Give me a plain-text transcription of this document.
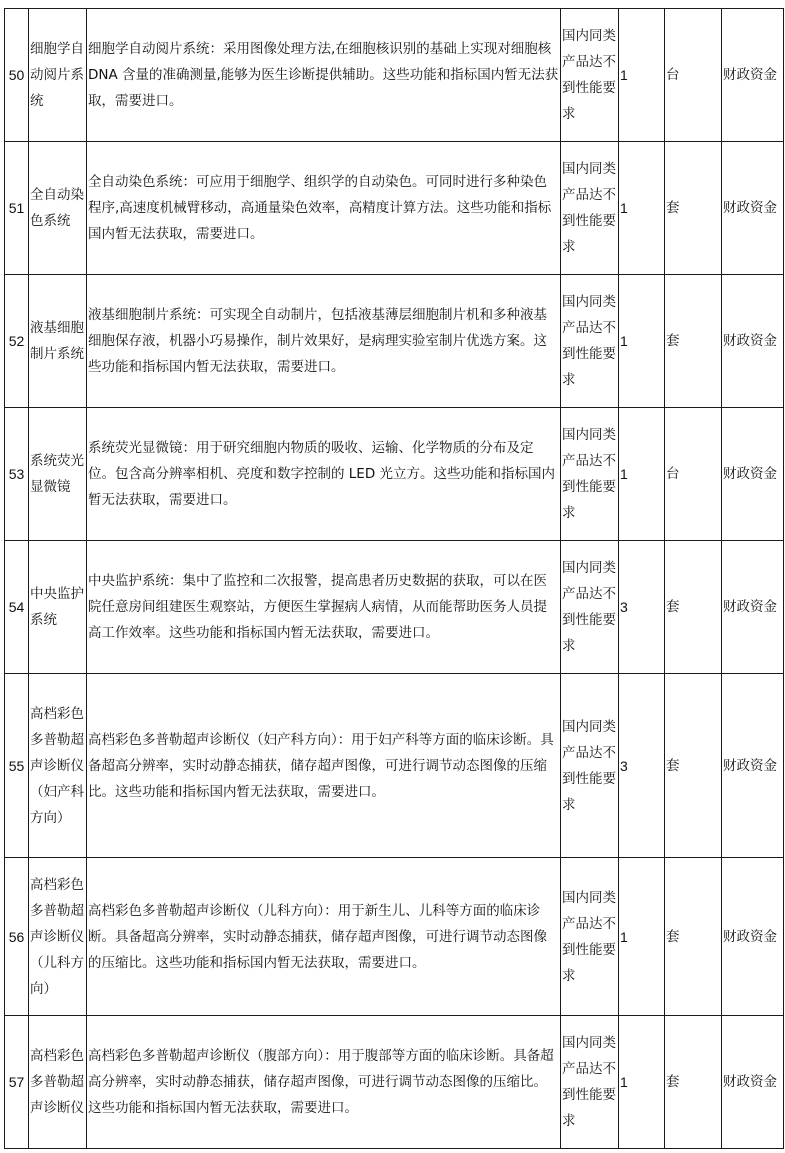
50	细胞学自动阅片系统	细胞学自动阅片系统：采用图像处理方法,在细胞核识别的基础上实现对细胞核 DNA 含量的准确测量,能够为医生诊断提供辅助。这些功能和指标国内暂无法获取，需要进口。	国内同类产品达不到性能要求	1	台	财政资金
51	全自动染色系统	全自动染色系统：可应用于细胞学、组织学的自动染色。可同时进行多种染色程序,高速度机械臂移动，高通量染色效率，高精度计算方法。这些功能和指标国内暂无法获取，需要进口。	国内同类产品达不到性能要求	1	套	财政资金
52	液基细胞制片系统	液基细胞制片系统：可实现全自动制片，包括液基薄层细胞制片机和多种液基细胞保存液，机器小巧易操作，制片效果好，是病理实验室制片优选方案。这些功能和指标国内暂无法获取，需要进口。	国内同类产品达不到性能要求	1	套	财政资金
53	系统荧光显微镜	系统荧光显微镜：用于研究细胞内物质的吸收、运输、化学物质的分布及定位。包含高分辨率相机、亮度和数字控制的 LED 光立方。这些功能和指标国内暂无法获取，需要进口。	国内同类产品达不到性能要求	1	台	财政资金
54	中央监护系统	中央监护系统：集中了监控和二次报警，提高患者历史数据的获取，可以在医院任意房间组建医生观察站，方便医生掌握病人病情，从而能帮助医务人员提高工作效率。这些功能和指标国内暂无法获取，需要进口。	国内同类产品达不到性能要求	3	套	财政资金
55	高档彩色多普勒超声诊断仪（妇产科方向）	高档彩色多普勒超声诊断仪（妇产科方向）：用于妇产科等方面的临床诊断。具备超高分辨率，实时动静态捕获，储存超声图像，可进行调节动态图像的压缩比。这些功能和指标国内暂无法获取，需要进口。	国内同类产品达不到性能要求	3	套	财政资金
56	高档彩色多普勒超声诊断仪（儿科方向）	高档彩色多普勒超声诊断仪（儿科方向）：用于新生儿、儿科等方面的临床诊断。具备超高分辨率，实时动静态捕获，储存超声图像，可进行调节动态图像的压缩比。这些功能和指标国内暂无法获取，需要进口。	国内同类产品达不到性能要求	1	套	财政资金
57	高档彩色多普勒超声诊断仪	高档彩色多普勒超声诊断仪（腹部方向）：用于腹部等方面的临床诊断。具备超高分辨率，实时动静态捕获，储存超声图像，可进行调节动态图像的压缩比。这些功能和指标国内暂无法获取，需要进口。	国内同类产品达不到性能要求	1	套	财政资金
